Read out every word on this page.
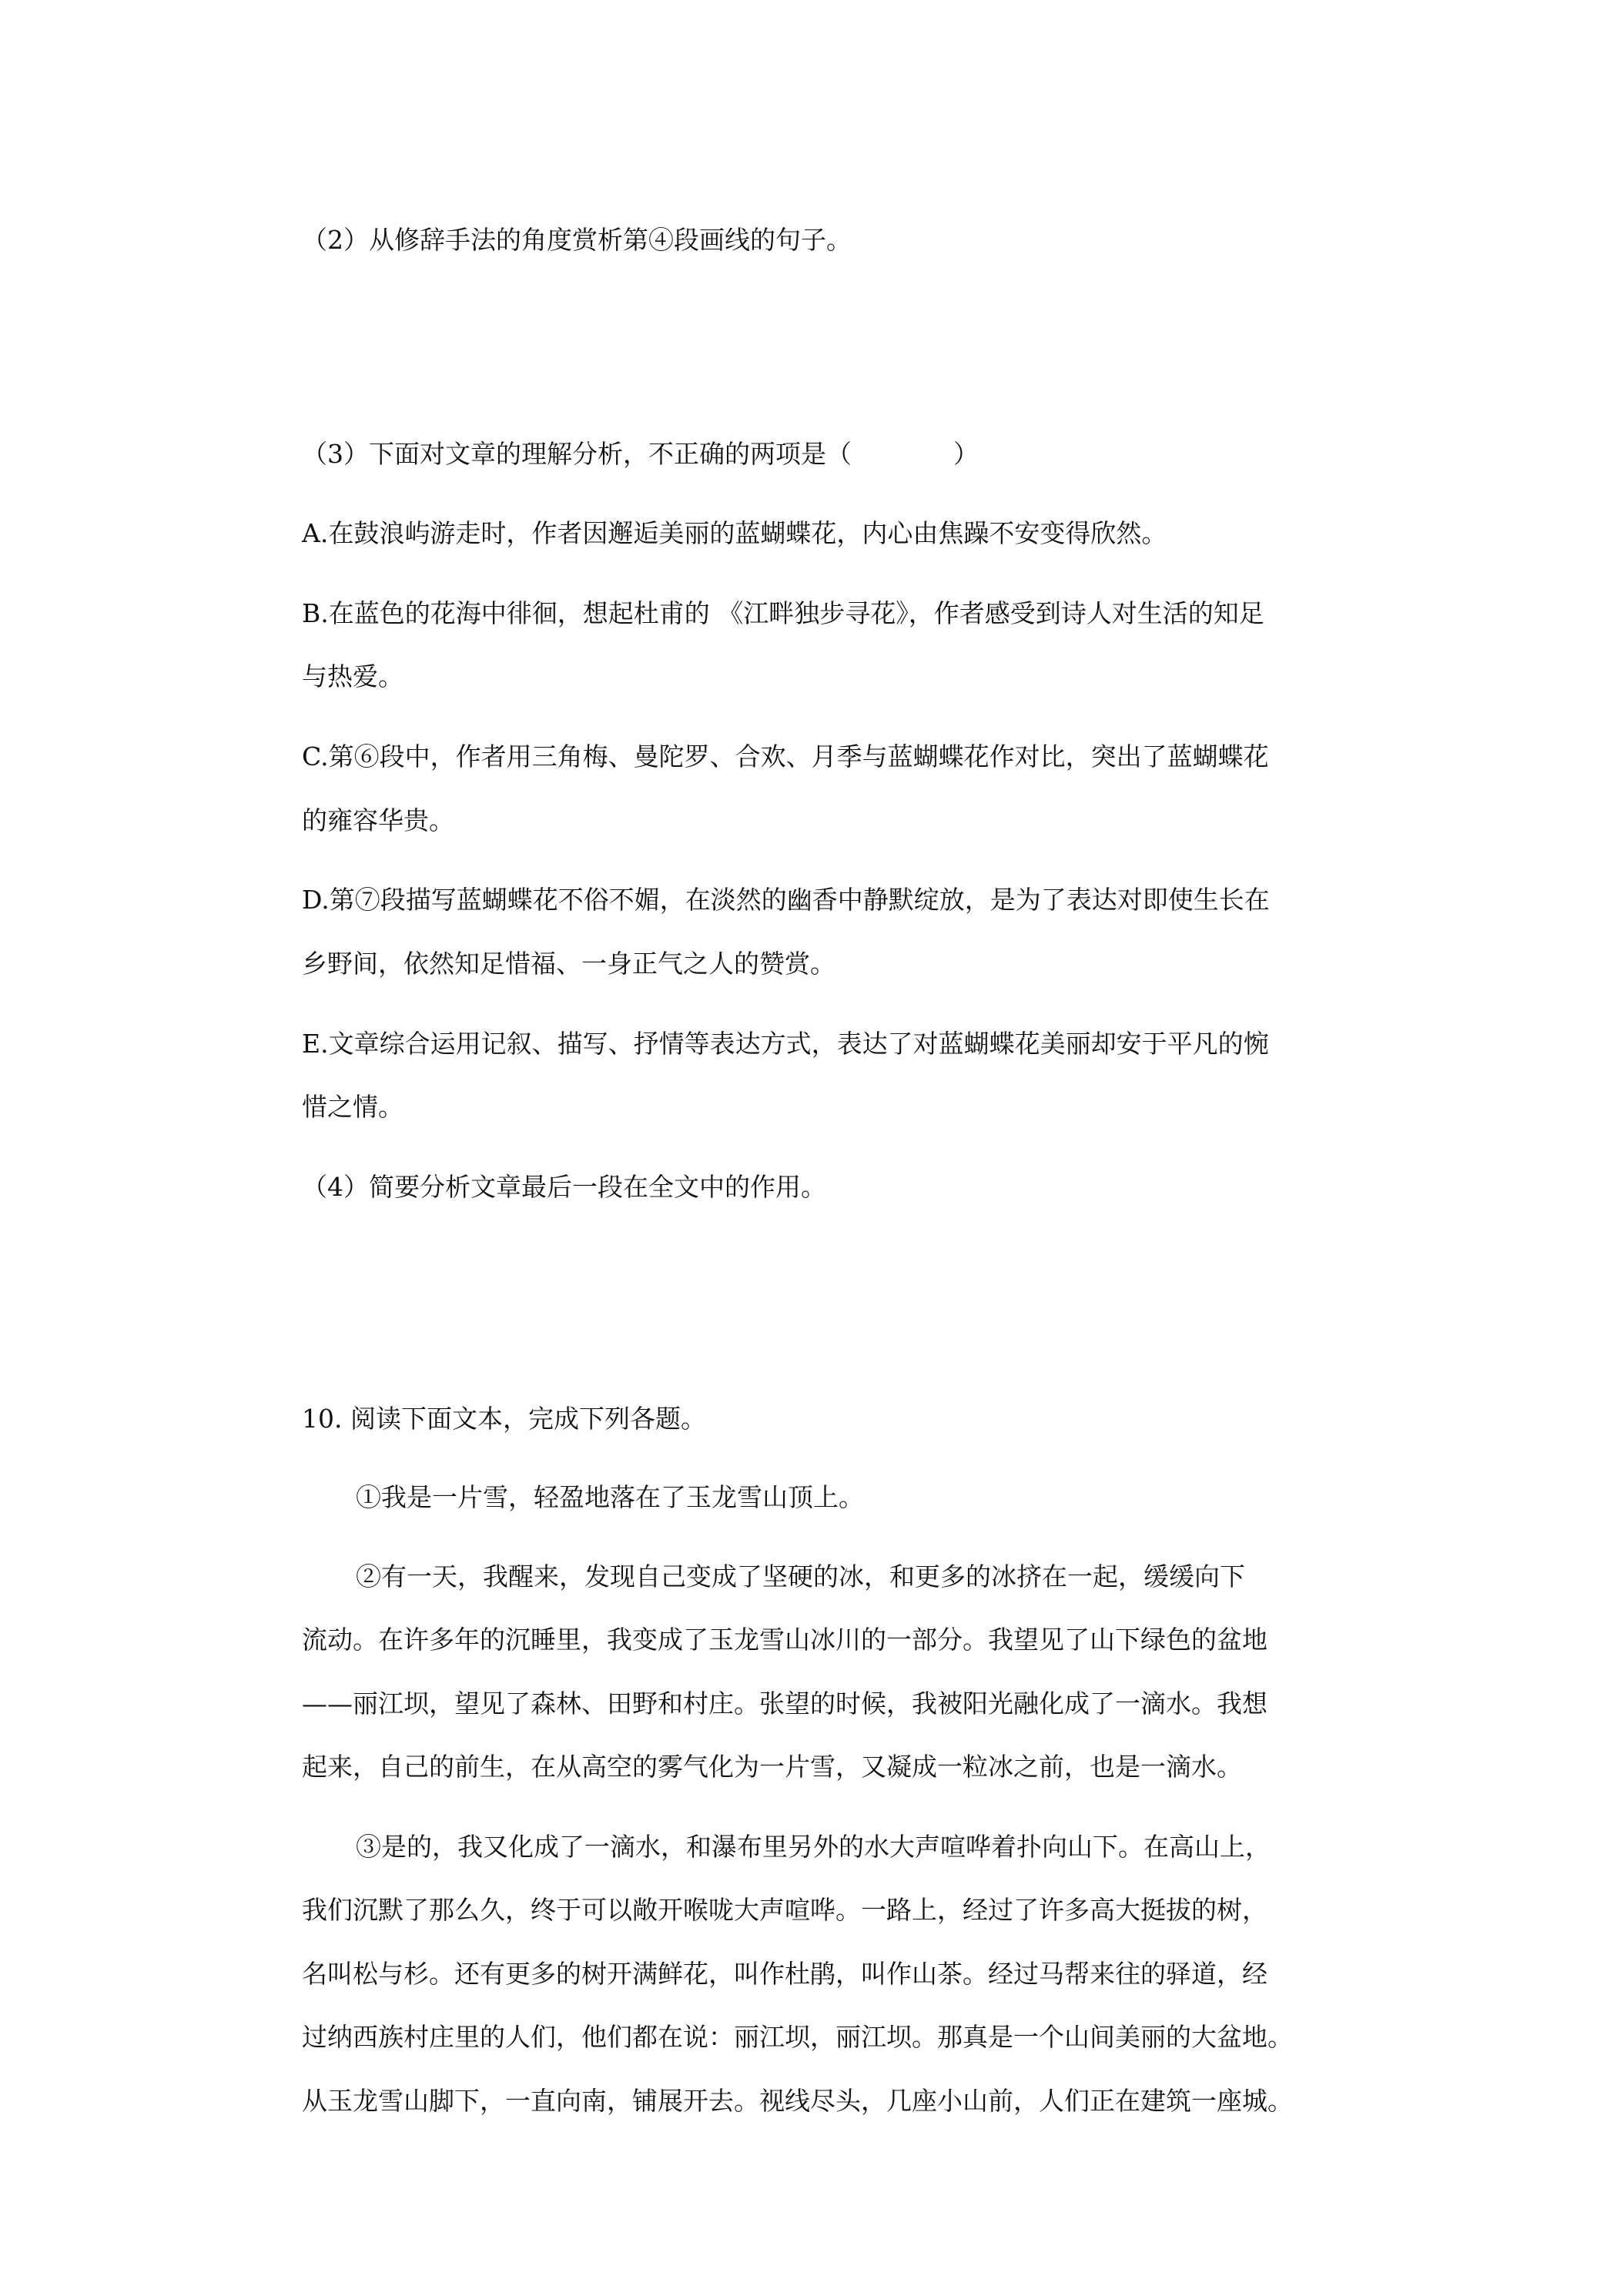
（2）从修辞手法的角度赏析第④段画线的句子。
（3）下面对文章的理解分析，不正确的两项是（　　　　）
A.在鼓浪屿游走时，作者因邂逅美丽的蓝蝴蝶花，内心由焦躁不安变得欣然。
B.在蓝色的花海中徘徊，想起杜甫的 《江畔独步寻花》，作者感受到诗人对生活的知足
与热爱。
C.第⑥段中，作者用三角梅、曼陀罗、合欢、月季与蓝蝴蝶花作对比，突出了蓝蝴蝶花
的雍容华贵。
D.第⑦段描写蓝蝴蝶花不俗不媚，在淡然的幽香中静默绽放，是为了表达对即使生长在
乡野间，依然知足惜福、一身正气之人的赞赏。
E.文章综合运用记叙、描写、抒情等表达方式，表达了对蓝蝴蝶花美丽却安于平凡的惋
惜之情。
（4）简要分析文章最后一段在全文中的作用。
10. 阅读下面文本，完成下列各题。
①我是一片雪，轻盈地落在了玉龙雪山顶上。
②有一天，我醒来，发现自己变成了坚硬的冰，和更多的冰挤在一起，缓缓向下
流动。在许多年的沉睡里，我变成了玉龙雪山冰川的一部分。我望见了山下绿色的盆地
——丽江坝，望见了森林、田野和村庄。张望的时候，我被阳光融化成了一滴水。我想
起来，自己的前生，在从高空的雾气化为一片雪，又凝成一粒冰之前，也是一滴水。
③是的，我又化成了一滴水，和瀑布里另外的水大声喧哗着扑向山下。在高山上，
我们沉默了那么久，终于可以敞开喉咙大声喧哗。一路上，经过了许多高大挺拔的树，
名叫松与杉。还有更多的树开满鲜花，叫作杜鹃，叫作山茶。经过马帮来往的驿道，经
过纳西族村庄里的人们，他们都在说：丽江坝，丽江坝。那真是一个山间美丽的大盆地。
从玉龙雪山脚下，一直向南，铺展开去。视线尽头，几座小山前，人们正在建筑一座城。
